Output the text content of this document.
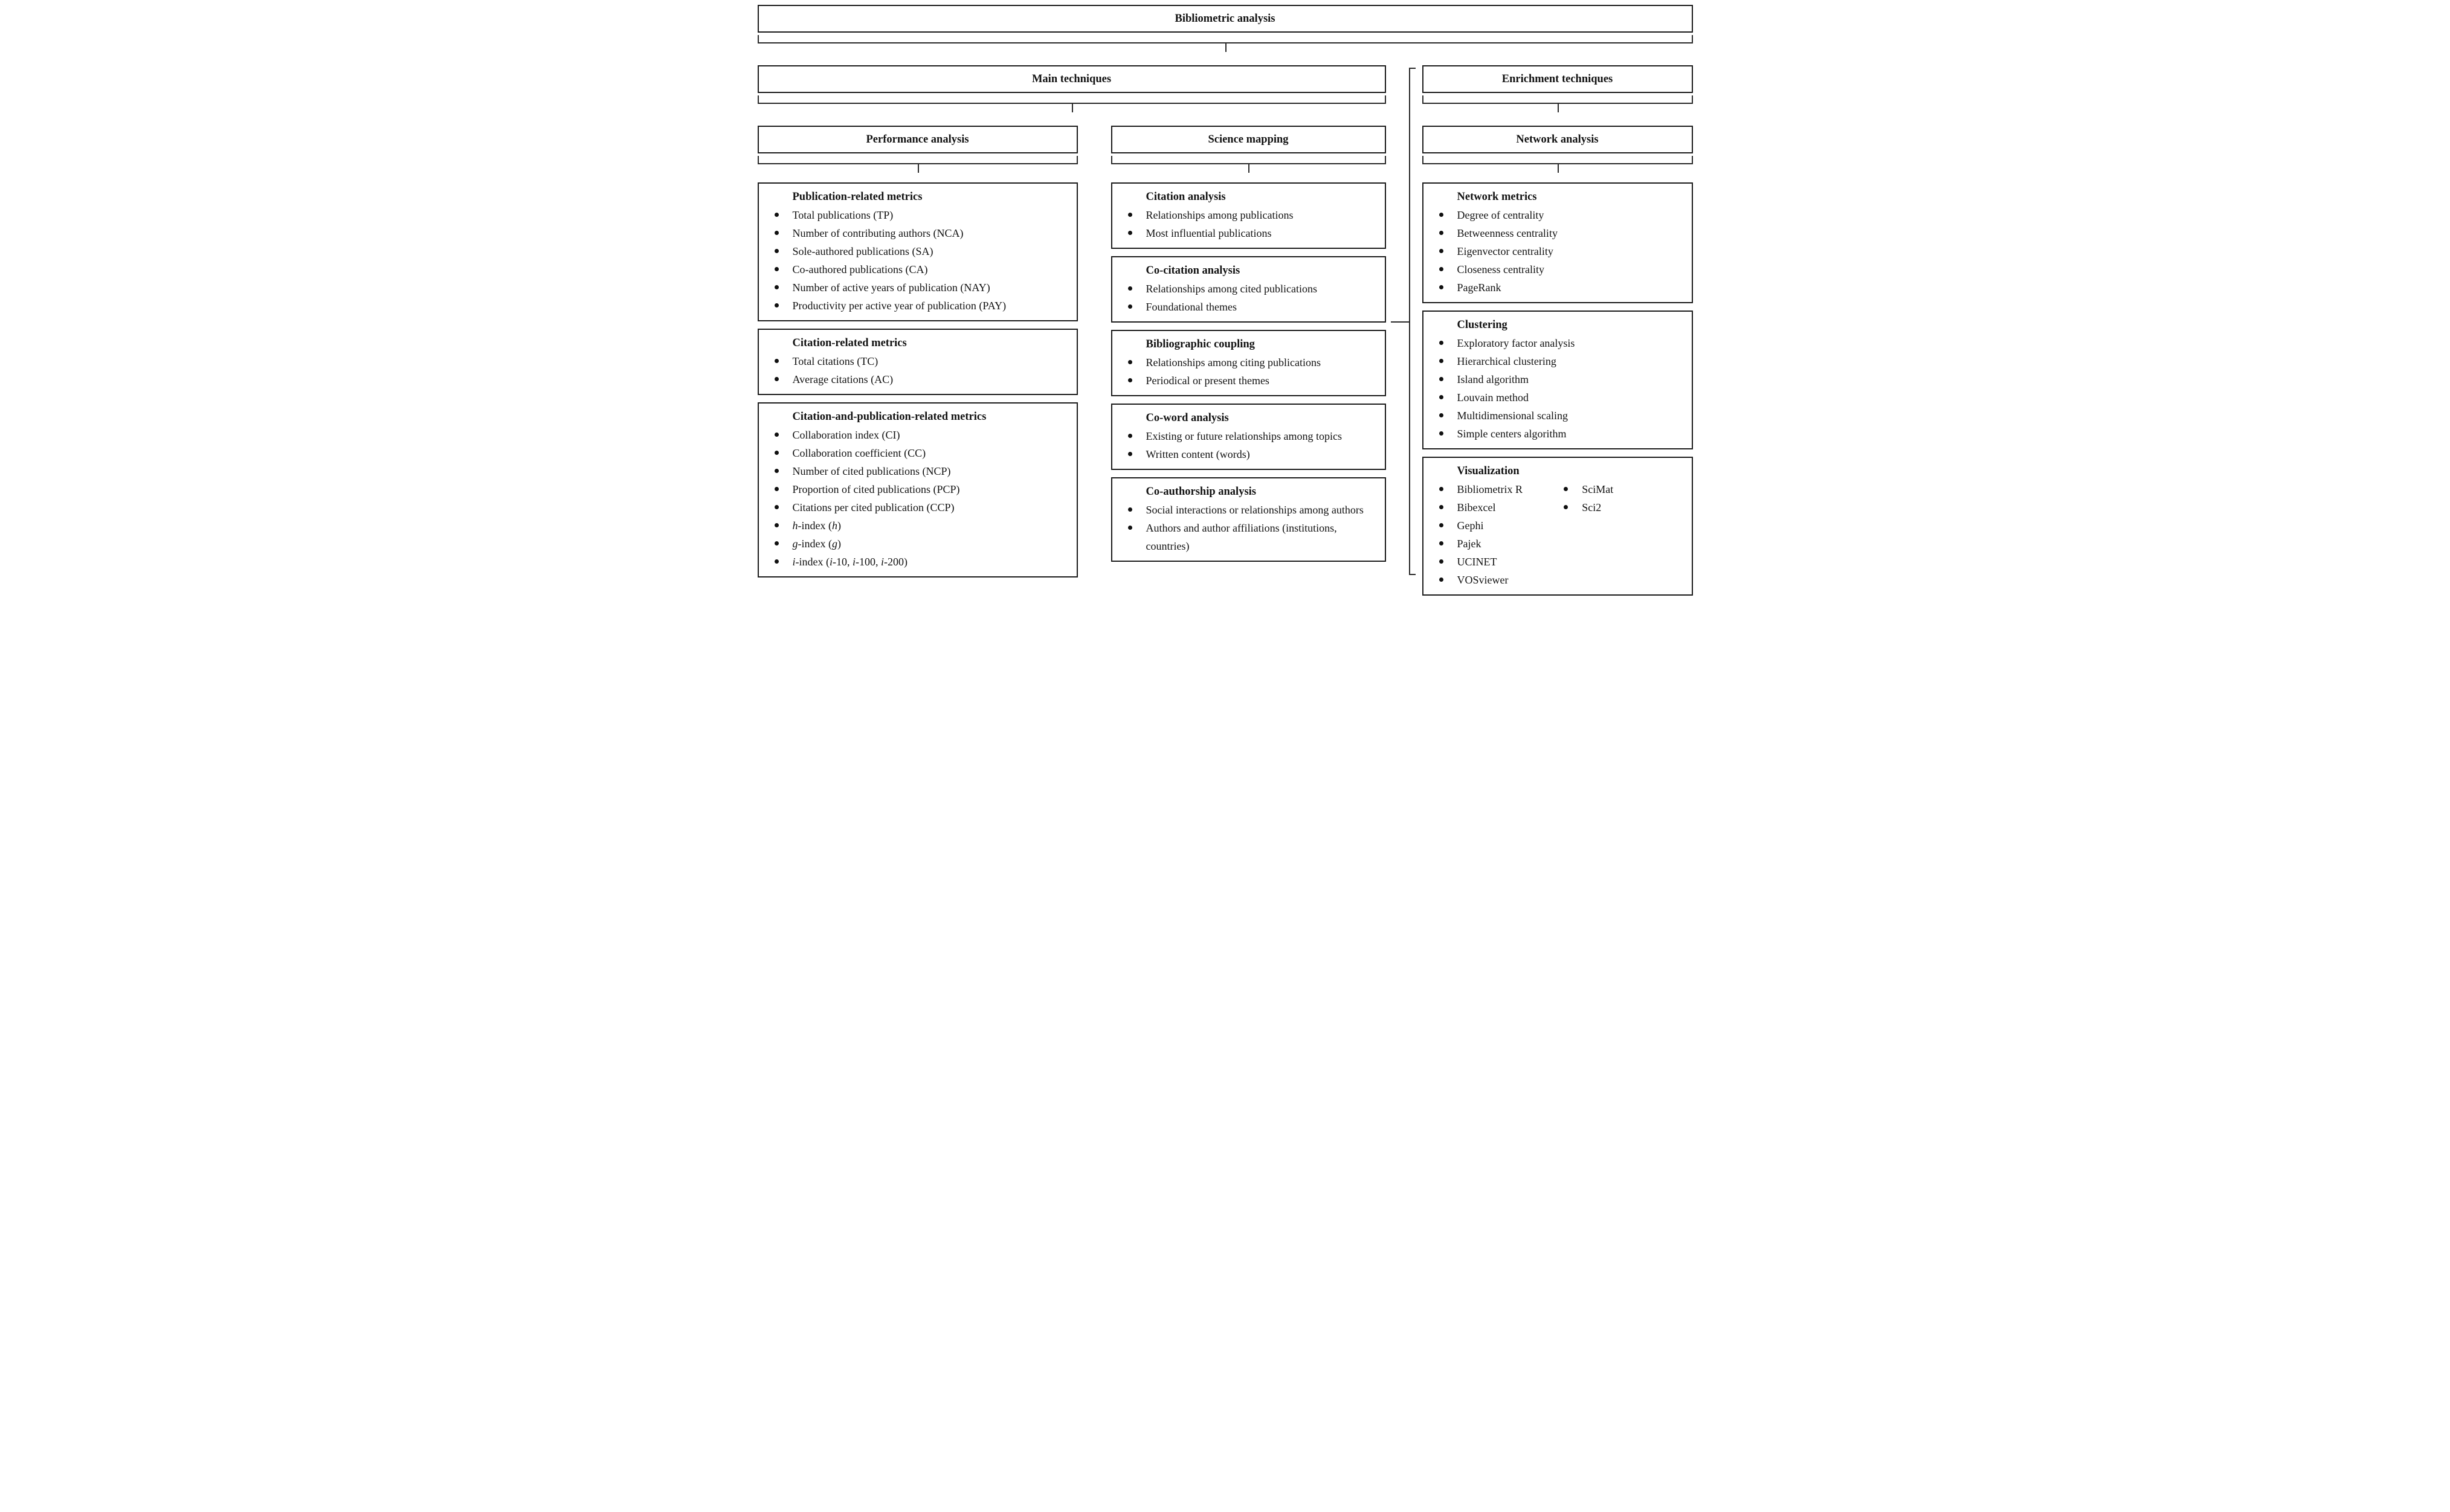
Bibliometric analysis
Main techniques	Enrichment techniques
Performance analysis	Science mapping	Network analysis
Publication-related metrics
Total publications (TP)
Number of contributing authors (NCA)
Sole-authored publications (SA)
Co-authored publications (CA)
Number of active years of publication (NAY)
Productivity per active year of publication (PAY)
Citation-related metrics
Total citations (TC)
Average citations (AC)
Citation-and-publication-related metrics
Collaboration index (CI)
Collaboration coefficient (CC)
Number of cited publications (NCP)
Proportion of cited publications (PCP)
Citations per cited publication (CCP)
h-index (h)
g-index (g)
i-index (i-10, i-100, i-200)
Citation analysis
Relationships among publications
Most influential publications
Co-citation analysis
Relationships among cited publications
Foundational themes
Bibliographic coupling
Relationships among citing publications
Periodical or present themes
Co-word analysis
Existing or future relationships among topics
Written content (words)
Co-authorship analysis
Social interactions or relationships among authors
Authors and author affiliations (institutions, countries)
Network metrics
Degree of centrality
Betweenness centrality
Eigenvector centrality
Closeness centrality
PageRank
Clustering
Exploratory factor analysis
Hierarchical clustering
Island algorithm
Louvain method
Multidimensional scaling
Simple centers algorithm
Visualization
Bibliometrix R
Bibexcel
Gephi
Pajek
UCINET
VOSviewer
SciMat
Sci2
